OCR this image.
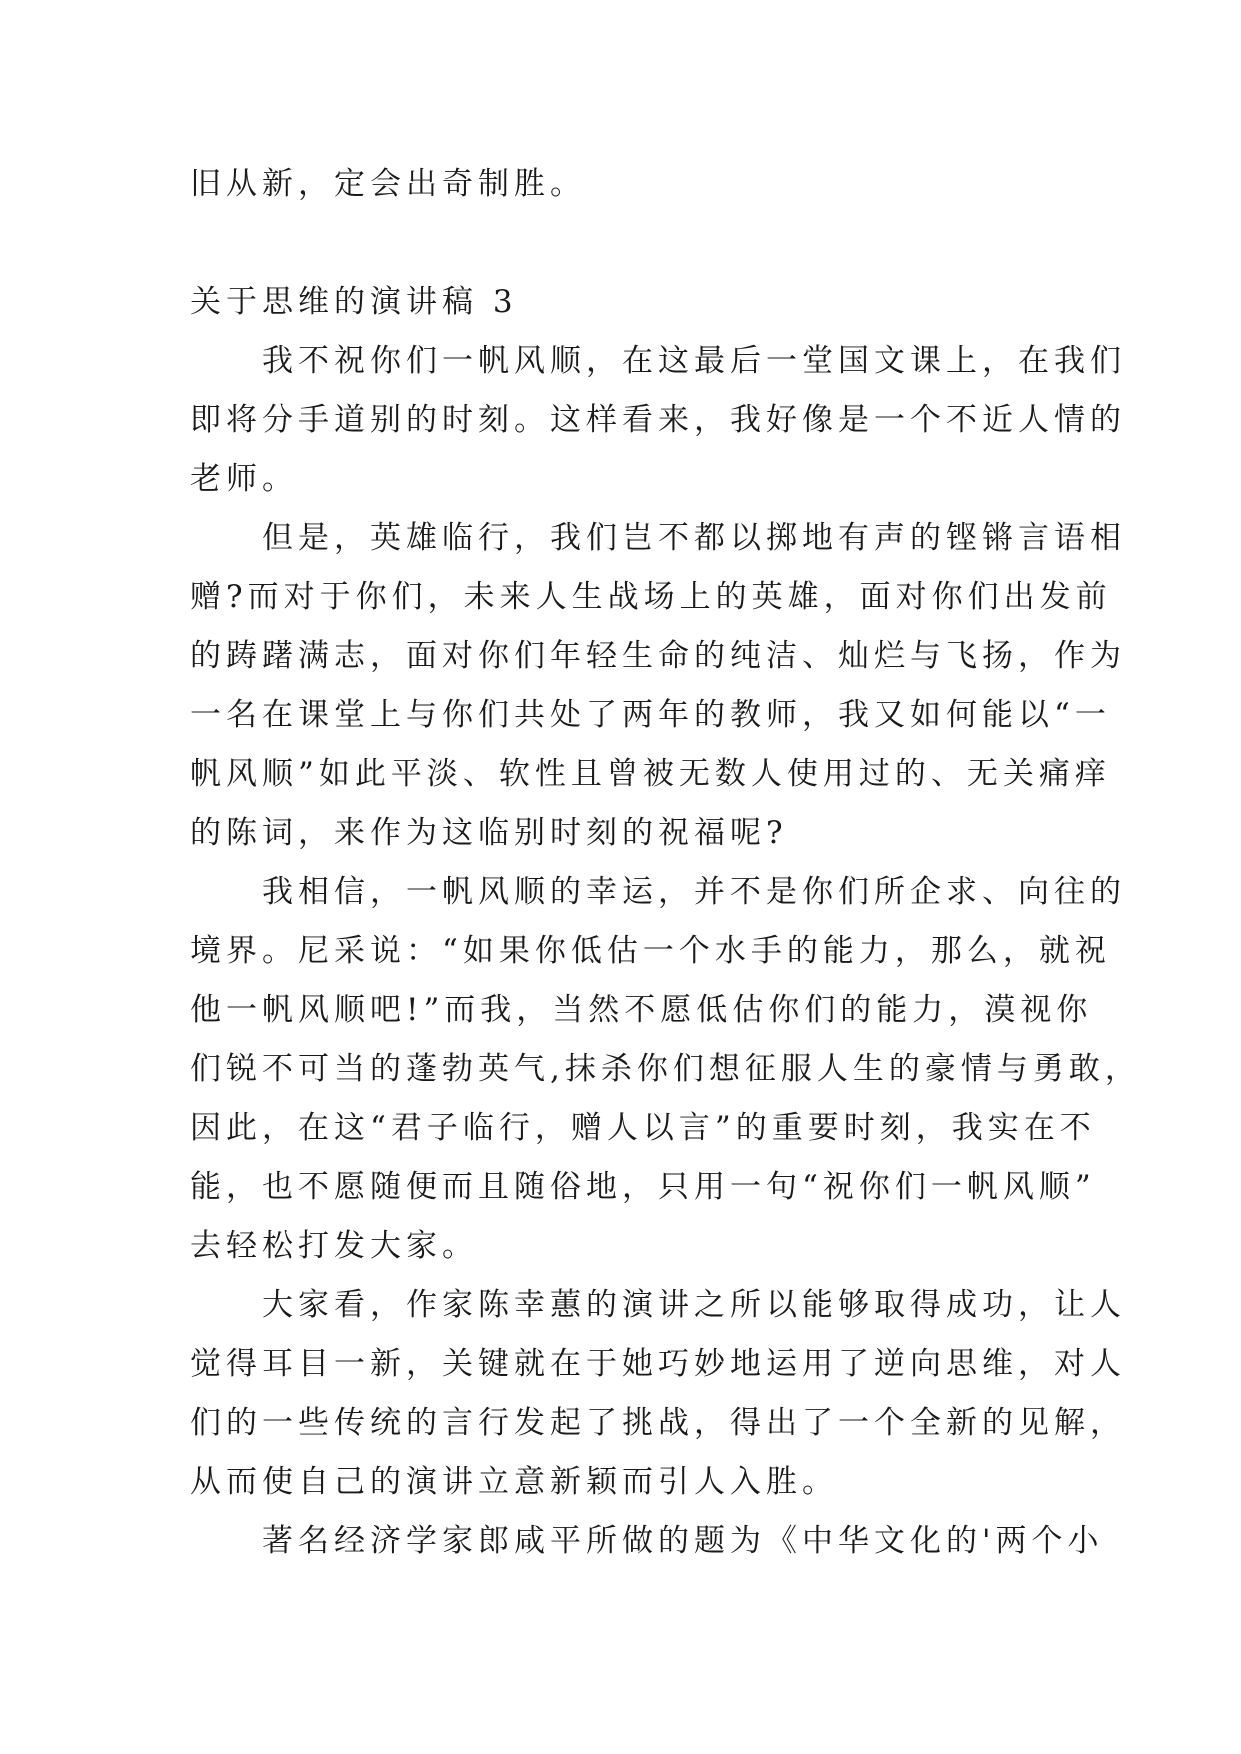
旧从新，定会出奇制胜。
关于思维的演讲稿 3
　　我不祝你们一帆风顺，在这最后一堂国文课上，在我们
即将分手道别的时刻。这样看来，我好像是一个不近人情的
老师。
　　但是，英雄临行，我们岂不都以掷地有声的铿锵言语相
赠?而对于你们，未来人生战场上的英雄，面对你们出发前
的踌躇满志，面对你们年轻生命的纯洁、灿烂与飞扬，作为
一名在课堂上与你们共处了两年的教师，我又如何能以“一
帆风顺”如此平淡、软性且曾被无数人使用过的、无关痛痒
的陈词，来作为这临别时刻的祝福呢?
　　我相信，一帆风顺的幸运，并不是你们所企求、向往的
境界。尼采说：“如果你低估一个水手的能力，那么，就祝
他一帆风顺吧!”而我，当然不愿低估你们的能力，漠视你
们锐不可当的蓬勃英气,抹杀你们想征服人生的豪情与勇敢，
因此，在这“君子临行，赠人以言”的重要时刻，我实在不
能，也不愿随便而且随俗地，只用一句“祝你们一帆风顺”
去轻松打发大家。
　　大家看，作家陈幸蕙的演讲之所以能够取得成功，让人
觉得耳目一新，关键就在于她巧妙地运用了逆向思维，对人
们的一些传统的言行发起了挑战，得出了一个全新的见解，
从而使自己的演讲立意新颖而引人入胜。
　　著名经济学家郎咸平所做的题为《中华文化的'两个小
